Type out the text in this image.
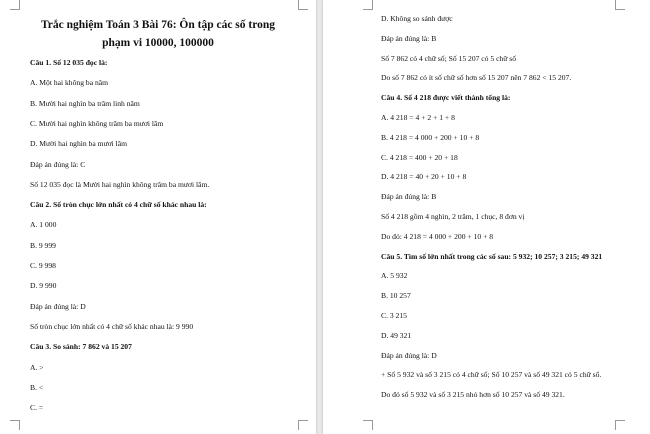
Trắc nghiệm Toán 3 Bài 76: Ôn tập các số trong
phạm vi 10000, 100000
Câu 1. Số 12 035 đọc là:
A. Một hai không ba năm
B. Mười hai nghìn ba trăm linh năm
C. Mười hai nghìn không trăm ba mươi lăm
D. Mười hai nghìn ba mươi lăm
Đáp án đúng là: C
Số 12 035 đọc là Mười hai nghìn không trăm ba mươi lăm.
Câu 2. Số tròn chục lớn nhất có 4 chữ số khác nhau là:
A. 1 000
B. 9 999
C. 9 998
D. 9 990
Đáp án đúng là: D
Số tròn chục lớn nhất có 4 chữ số khác nhau là: 9 990
Câu 3. So sánh: 7 862 và 15 207
A. >
B. <
C. =
D. Không so sánh được
Đáp án đúng là: B
Số 7 862 có 4 chữ số; Số 15 207 có 5 chữ số
Do số 7 862 có ít số chữ số hơn số 15 207 nên 7 862 < 15 207.
Câu 4. Số 4 218 được viết thành tổng là:
A. 4 218 = 4 + 2 + 1 + 8
B. 4 218 = 4 000 + 200 + 10 + 8
C. 4 218 = 400 + 20 + 18
D. 4 218 = 40 + 20 + 10 + 8
Đáp án đúng là: B
Số 4 218 gồm 4 nghìn, 2 trăm, 1 chục, 8 đơn vị
Do đó: 4 218 = 4 000 + 200 + 10 + 8
Câu 5. Tìm số lớn nhất trong các số sau: 5 932; 10 257; 3 215; 49 321
A. 5 932
B. 10 257
C. 3 215
D. 49 321
Đáp án đúng là: D
+ Số 5 932 và số 3 215 có 4 chữ số; Số 10 257 và số 49 321 có 5 chữ số.
Do đó số 5 932 và số 3 215 nhỏ hơn số 10 257 và số 49 321.
